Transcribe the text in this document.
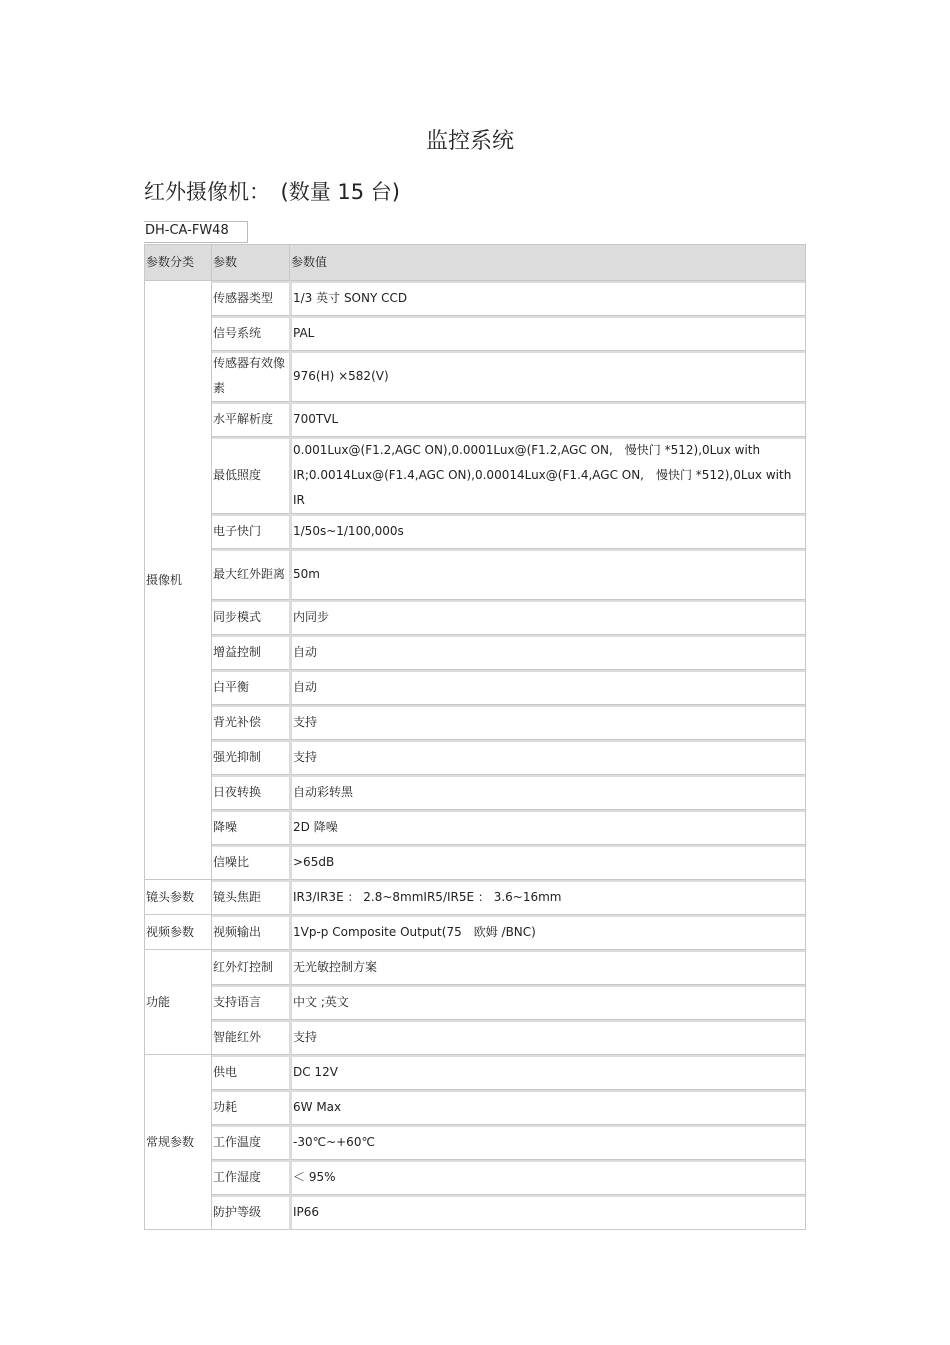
监控系统
红外摄像机：　(数量 15 台)
DH-CA-FW48
参数分类	参数	参数值
摄像机	传感器类型	1/3 英寸 SONY CCD
	信号系统	PAL
	传感器有效像素	976(H) ×582(V)
	水平解析度	700TVL
	最低照度	0.001Lux@(F1.2,AGC ON),0.0001Lux@(F1.2,AGC ON,　慢快门 *512),0Lux with IR;0.0014Lux@(F1.4,AGC ON),0.00014Lux@(F1.4,AGC ON,　慢快门 *512),0Lux with IR
	电子快门	1/50s~1/100,000s
	最大红外距离	50m
	同步模式	内同步
	增益控制	自动
	白平衡	自动
	背光补偿	支持
	强光抑制	支持
	日夜转换	自动彩转黑
	降噪	2D 降噪
	信噪比	>65dB
镜头参数	镜头焦距	IR3/IR3E ： 2.8~8mmIR5/IR5E ： 3.6~16mm
视频参数	视频输出	1Vp-p Composite Output(75　欧姆 /BNC)
功能	红外灯控制	无光敏控制方案
	支持语言	中文 ;英文
	智能红外	支持
常规参数	供电	DC 12V
	功耗	6W Max
	工作温度	-30℃~+60℃
	工作湿度	＜ 95%
	防护等级	IP66
